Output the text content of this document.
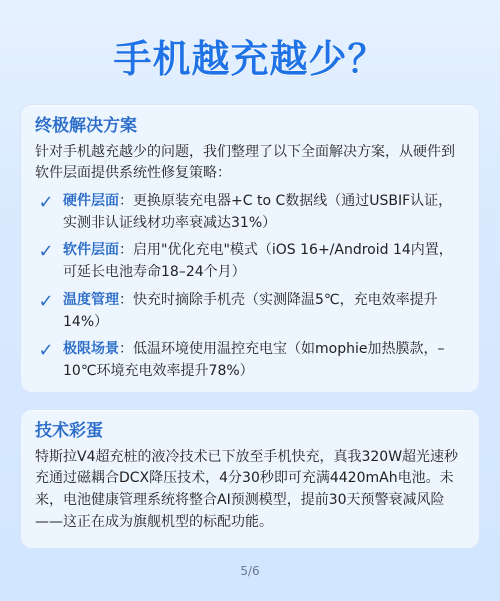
手机越充越少？
终极解决方案

针对手机越充越少的问题，我们整理了以下全面解决方案，从硬件到软件层面提供系统性修复策略：

✓ 硬件层面：更换原装充电器+C to C数据线（通过USBIF认证，实测非认证线材功率衰减达31%）
✓ 软件层面：启用"优化充电"模式（iOS 16+/Android 14内置，可延长电池寿命18–24个月）
✓ 温度管理：快充时摘除手机壳（实测降温5℃，充电效率提升14%）
✓ 极限场景：低温环境使用温控充电宝（如mophie加热膜款，–10℃环境充电效率提升78%）
技术彩蛋

特斯拉V4超充桩的液冷技术已下放至手机快充，真我320W超光速秒充通过磁耦合DCX降压技术，4分30秒即可充满4420mAh电池。未来，电池健康管理系统将整合AI预测模型，提前30天预警衰减风险——这正在成为旗舰机型的标配功能。

5/6
